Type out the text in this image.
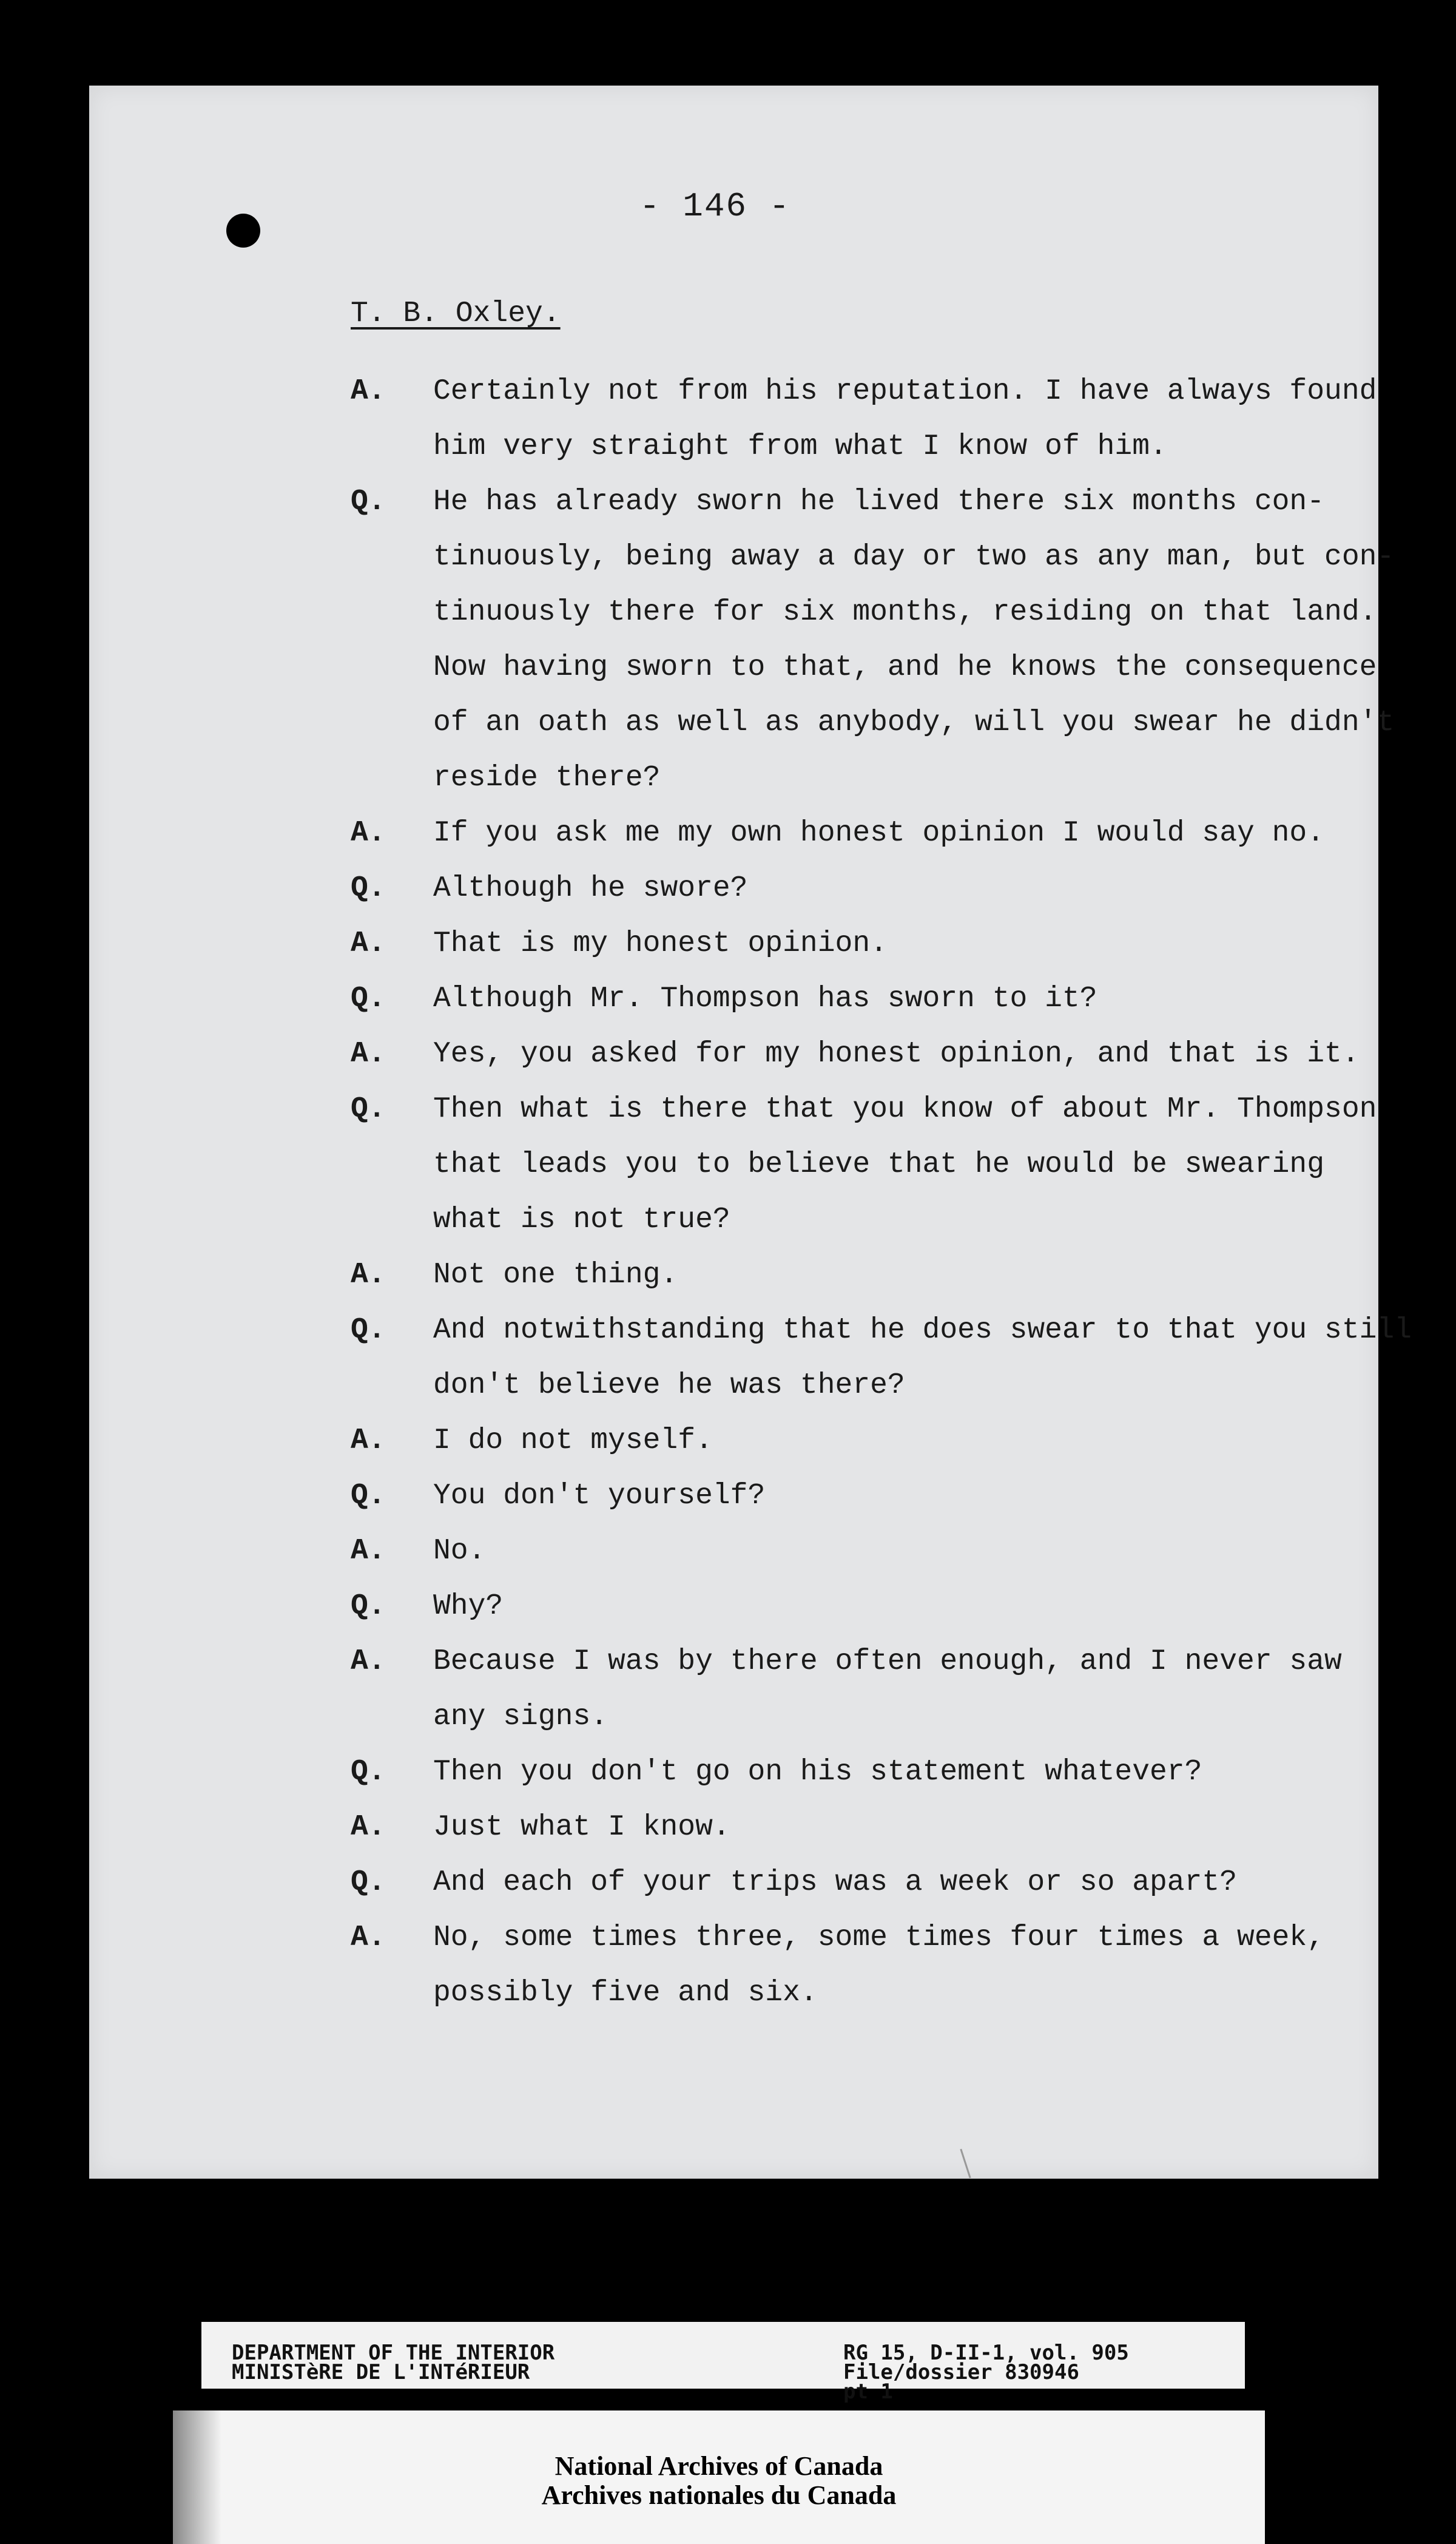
- 146 -
T. B. Oxley.
A.	Certainly not from his reputation. I have always found
him very straight from what I know of him.
Q.	He has already sworn he lived there six months con-
tinuously, being away a day or two as any man, but con-
tinuously there for six months, residing on that land.
Now having sworn to that, and he knows the consequence
of an oath as well as anybody, will you swear he didn't
reside there?
A.	If you ask me my own honest opinion I would say no.
Q.	Although he swore?
A.	That is my honest opinion.
Q.	Although Mr. Thompson has sworn to it?
A.	Yes, you asked for my honest opinion, and that is it.
Q.	Then what is there that you know of about Mr. Thompson
that leads you to believe that he would be swearing
what is not true?
A.	Not one thing.
Q.	And notwithstanding that he does swear to that you still
don't believe he was there?
A.	I do not myself.
Q.	You don't yourself?
A.	No.
Q.	Why?
A.	Because I was by there often enough, and I never saw
any signs.
Q.	Then you don't go on his statement whatever?
A.	Just what I know.
Q.	And each of your trips was a week or so apart?
A.	No, some times three, some times four times a week,
possibly five and six.
DEPARTMENT OF THE INTERIOR
MINISTèRE DE L'INTéRIEUR
RG 15, D-II-1, vol. 905
File/dossier 830946
pt 1
National Archives of Canada
Archives nationales du Canada
